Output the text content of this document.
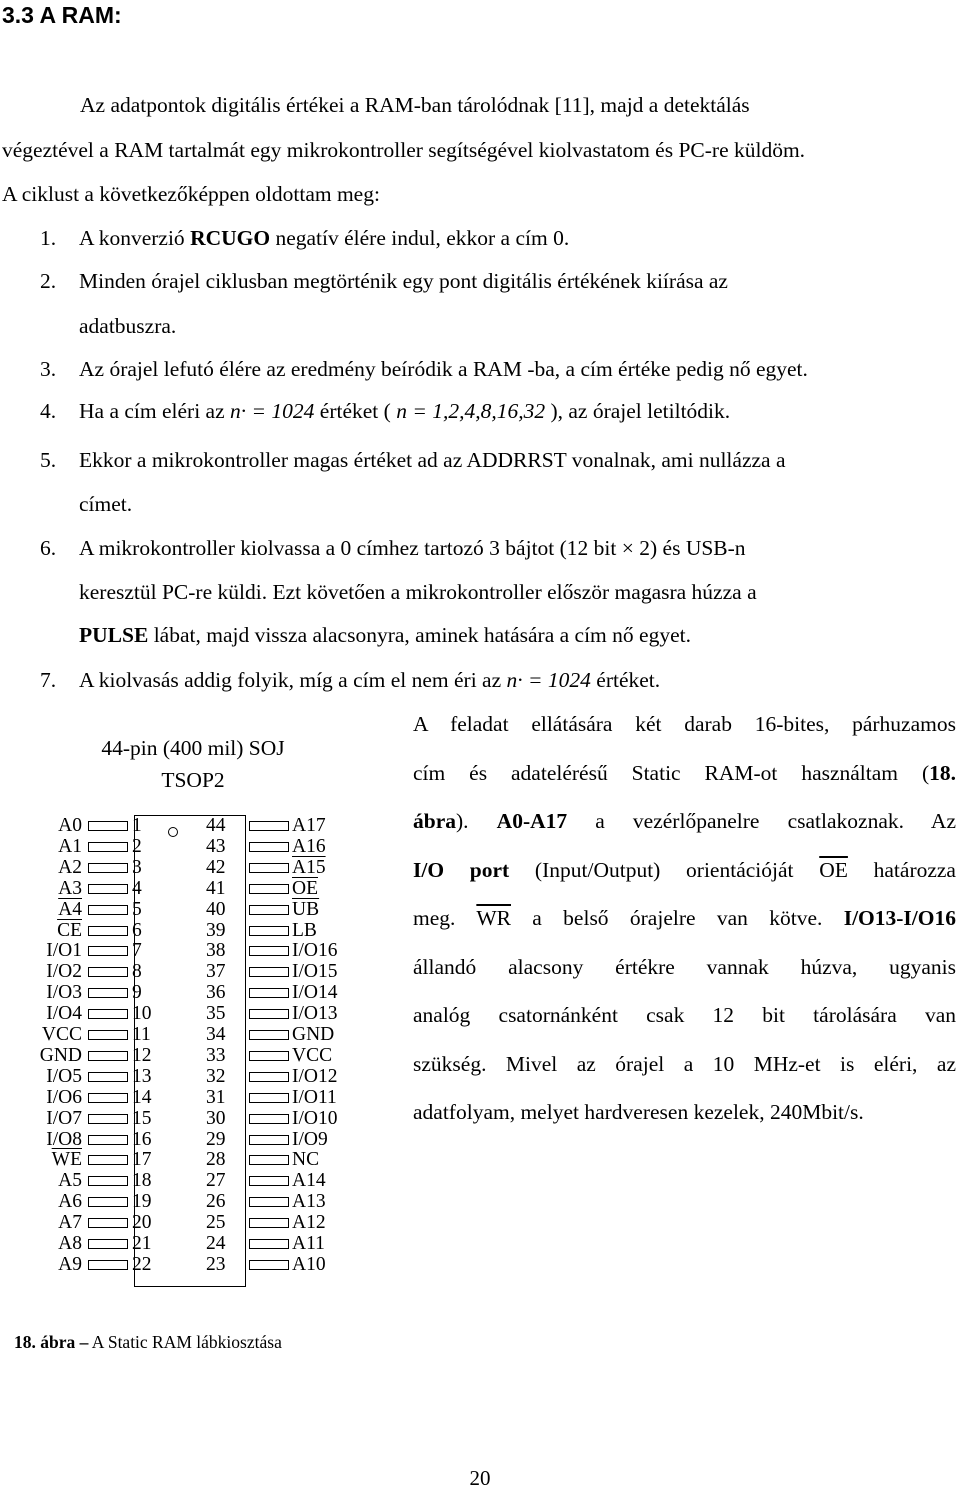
3.3 A RAM:
Az adatpontok digitális értékei a RAM-ban tárolódnak [11], majd a detektálás
végeztével a RAM tartalmát egy mikrokontroller segítségével kiolvastatom és PC-re küldöm.
A ciklust a következőképpen oldottam meg:
1. A konverzió RCUGO negatív élére indul, ekkor a cím 0.
2. Minden órajel ciklusban megtörténik egy pont digitális értékének kiírása az
adatbuszra.
3. Az órajel lefutó élére az eredmény beíródik a RAM -ba, a cím értéke pedig nő egyet.
4. Ha a cím eléri az n· = 1024 értéket ( n = 1,2,4,8,16,32 ), az órajel letiltódik.
5. Ekkor a mikrokontroller magas értéket ad az ADDRRST vonalnak, ami nullázza a
címet.
6. A mikrokontroller kiolvassa a 0 címhez tartozó 3 bájtot (12 bit × 2) és USB-n
keresztül PC-re küldi. Ezt követően a mikrokontroller először magasra húzza a
PULSE lábat, majd vissza alacsonyra, aminek hatására a cím nő egyet.
7. A kiolvasás addig folyik, míg a cím el nem éri az n· = 1024 értéket.
A feladat ellátására két darab 16-bites, párhuzamos
cím és adatelérésű Static RAM-ot használtam (18.
ábra). A0-A17 a vezérlőpanelre csatlakoznak. Az
I/O port (Input/Output) orientációját $\overline{OE}$ határozza
meg. $\overline{WR}$ a belső órajelre van kötve. I/O13-I/O16
állandó alacsony értékre vannak húzva, ugyanis
analóg csatornánként csak 12 bit tárolására van
szükség. Mivel az órajel a 10 MHz-et is eléri, az
adatfolyam, melyet hardveresen kezelek, 240Mbit/s.
44-pin (400 mil) SOJ
TSOP2
A0	1	44	A17
A1	2	43	A16
A2	3	42	A15
A3	4	41	$\overline{OE}$
A4	5	40	$\overline{UB}$
$\overline{CE}$	6	39	LB
I/O1	7	38	I/O16
I/O2	8	37	I/O15
I/O3	9	36	I/O14
I/O4	10	35	I/O13
VCC	11	34	GND
GND	12	33	VCC
I/O5	13	32	I/O12
I/O6	14	31	I/O11
I/O7	15	30	I/O10
I/O8	16	29	I/O9
$\overline{WE}$	17	28	NC
A5	18	27	A14
A6	19	26	A13
A7	20	25	A12
A8	21	24	A11
A9	22	23	A10
18. ábra – A Static RAM lábkiosztása
20
